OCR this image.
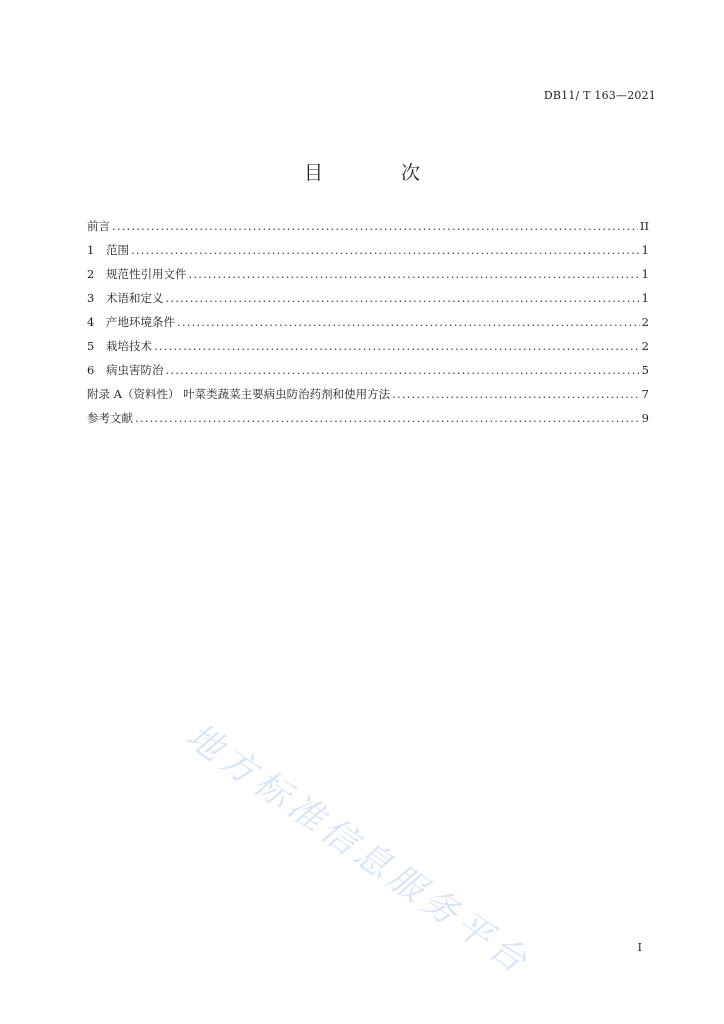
DB11/ T 163—2021
目 次
前言 .....	II
1 范围 .....	1
2 规范性引用文件 .....	1
3 术语和定义 .....	1
4 产地环境条件 .....	2
5 栽培技术 .....	2
6 病虫害防治 .....	5
附录 A（资料性） 叶菜类蔬菜主要病虫防治药剂和使用方法 .....	7
参考文献 .....	9
地方标准信息服务平台	I
